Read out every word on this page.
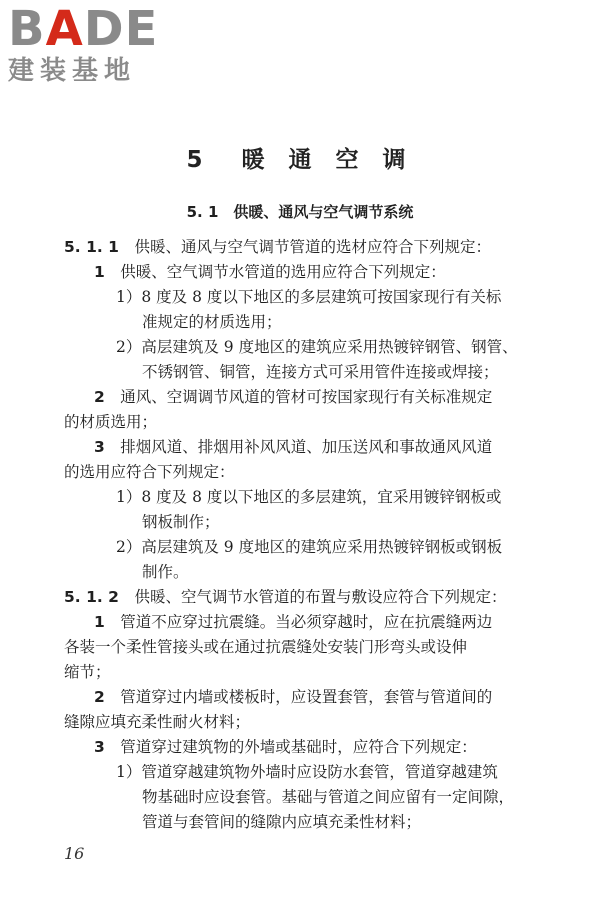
BADE
建装基地
5　暖 通 空 调
5. 1　供暖、通风与空气调节系统
5. 1. 1　供暖、通风与空气调节管道的选材应符合下列规定：
1　供暖、空气调节水管道的选用应符合下列规定：
1）8 度及 8 度以下地区的多层建筑可按国家现行有关标
准规定的材质选用；
2）高层建筑及 9 度地区的建筑应采用热镀锌钢管、钢管、
不锈钢管、铜管，连接方式可采用管件连接或焊接；
2　通风、空调调节风道的管材可按国家现行有关标准规定
的材质选用；
3　排烟风道、排烟用补风风道、加压送风和事故通风风道
的选用应符合下列规定：
1）8 度及 8 度以下地区的多层建筑，宜采用镀锌钢板或
钢板制作；
2）高层建筑及 9 度地区的建筑应采用热镀锌钢板或钢板
制作。
5. 1. 2　供暖、空气调节水管道的布置与敷设应符合下列规定：
1　管道不应穿过抗震缝。当必须穿越时，应在抗震缝两边
各装一个柔性管接头或在通过抗震缝处安装门形弯头或设伸
缩节；
2　管道穿过内墙或楼板时，应设置套管，套管与管道间的
缝隙应填充柔性耐火材料；
3　管道穿过建筑物的外墙或基础时，应符合下列规定：
1）管道穿越建筑物外墙时应设防水套管，管道穿越建筑
物基础时应设套管。基础与管道之间应留有一定间隙，
管道与套管间的缝隙内应填充柔性材料；
16
